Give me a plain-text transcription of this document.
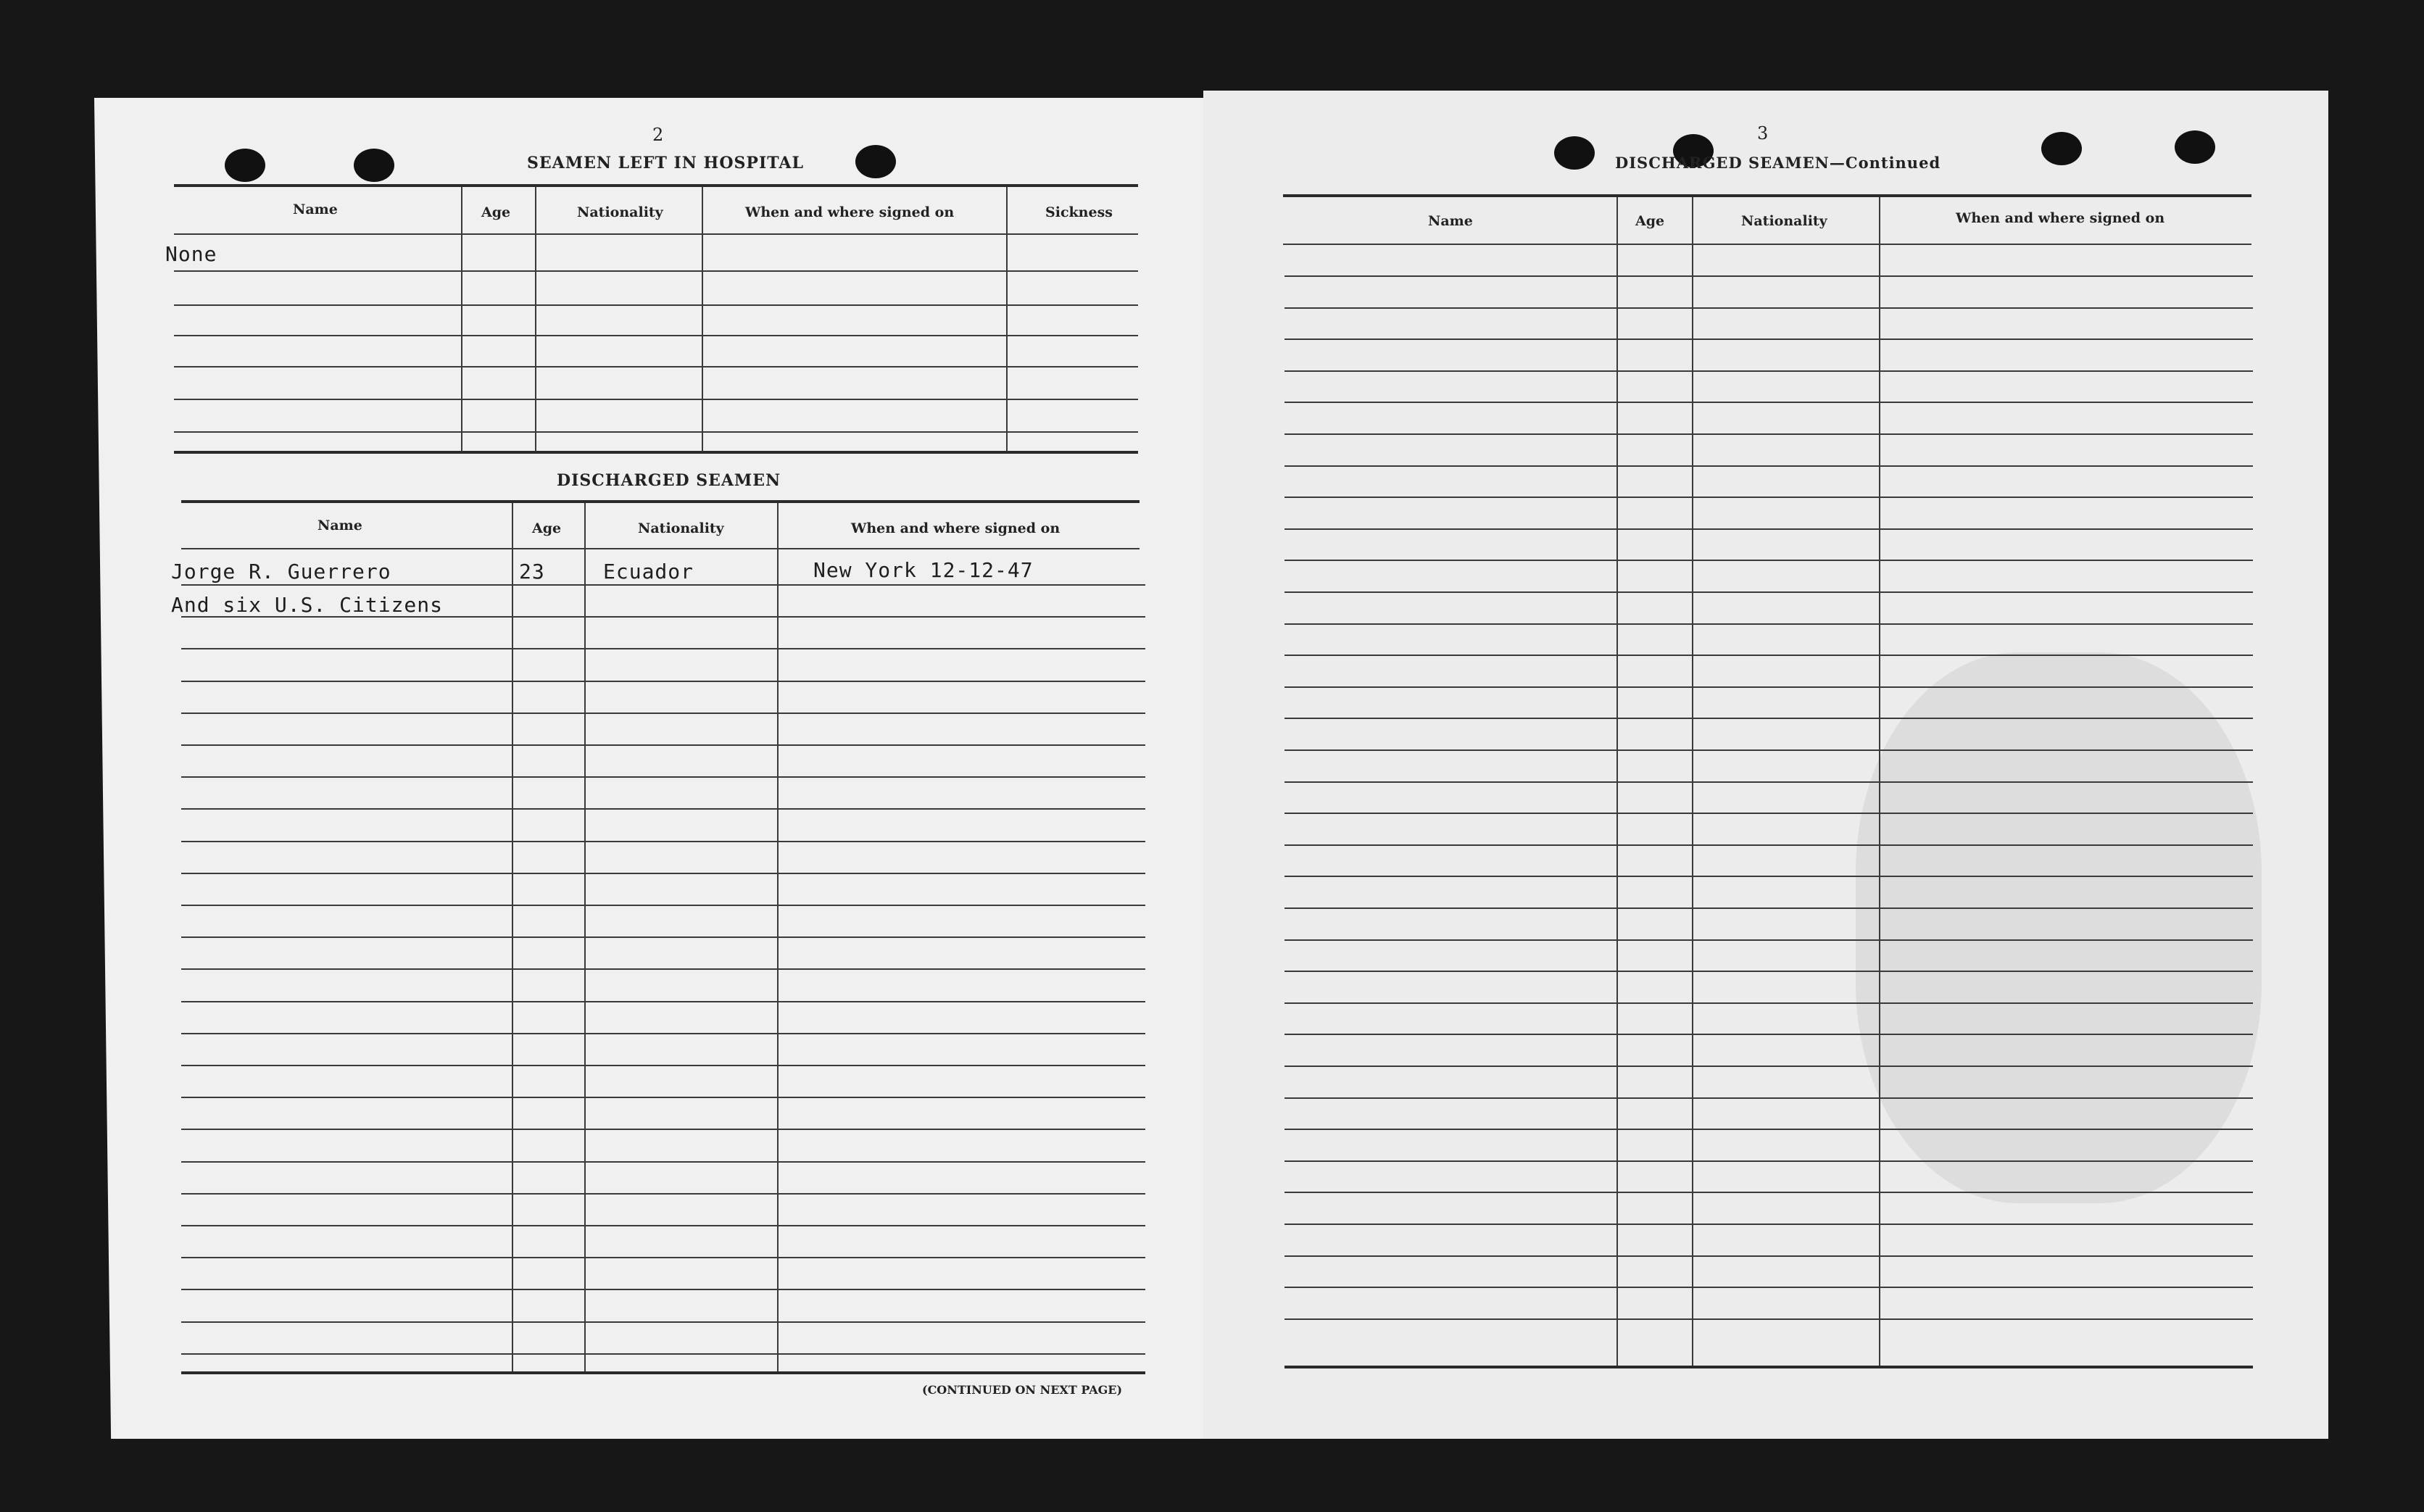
2
SEAMEN LEFT IN HOSPITAL
Name	Age	Nationality	When and where signed on	Sickness
None
DISCHARGED SEAMEN
Name	Age	Nationality	When and where signed on
Jorge R. Guerrero	23	Ecuador	New York 12-12-47
And six U.S. Citizens
(CONTINUED ON NEXT PAGE)
3
DISCHARGED SEAMEN—Continued
Name	Age	Nationality	When and where signed on
